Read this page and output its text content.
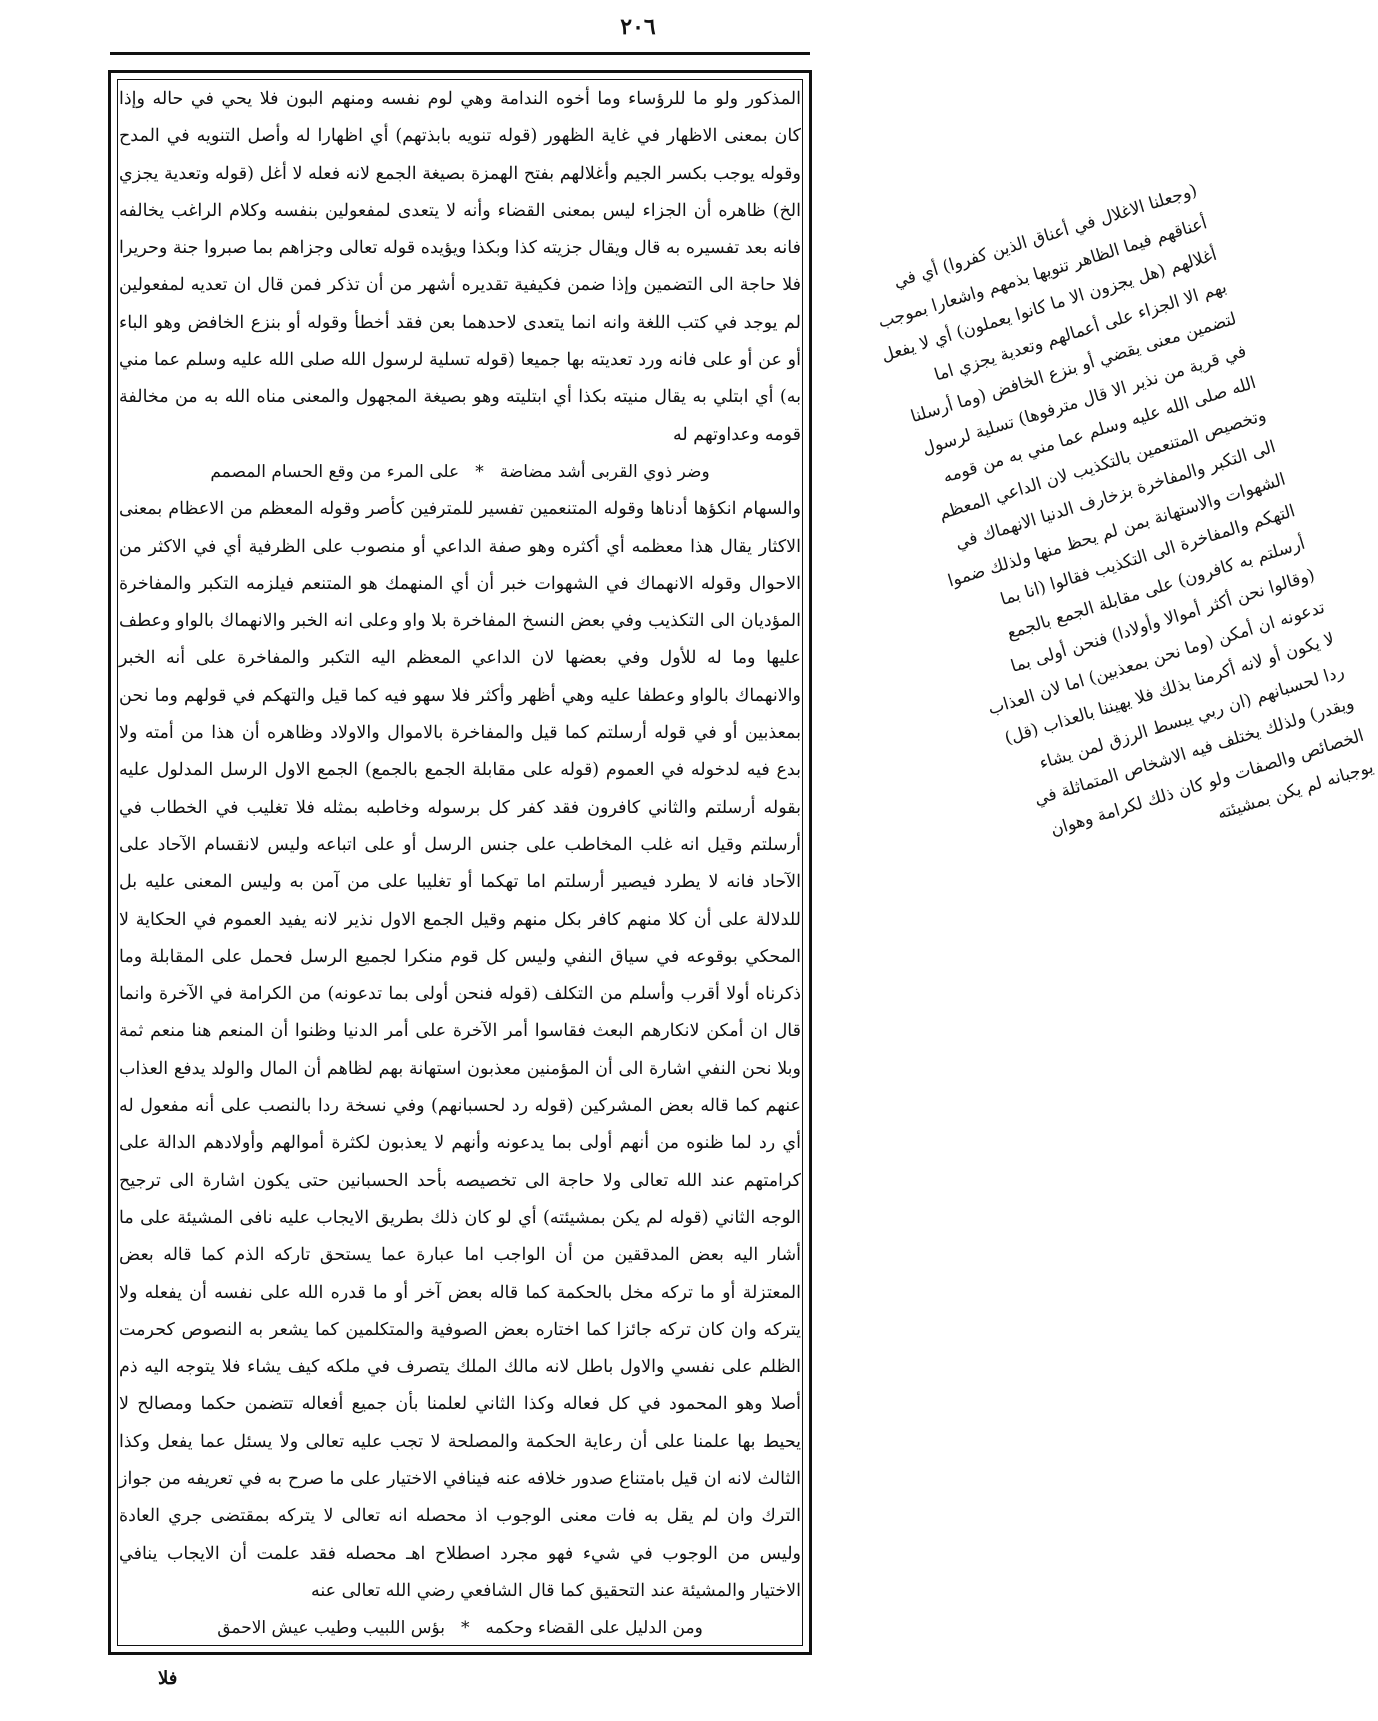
٢٠٦

المذكور ولو ما للرؤساء وما أخوه الندامة وهي لوم نفسه ومنهم البون فلا يحي في حاله وإذا كان بمعنى الاظهار في غاية الظهور (قوله تنويه بابذتهم) أي اظهارا له وأصل التنويه في المدح وقوله يوجب بكسر الجيم وأغلالهم بفتح الهمزة بصيغة الجمع لانه فعله لا أغل (قوله وتعدية يجزي الخ) ظاهره أن الجزاء ليس بمعنى القضاء وأنه لا يتعدى لمفعولين بنفسه وكلام الراغب يخالفه فانه بعد تفسيره به قال ويقال جزيته كذا وبكذا ويؤيده قوله تعالى وجزاهم بما صبروا جنة وحريرا فلا حاجة الى التضمين وإذا ضمن فكيفية تقديره أشهر من أن تذكر فمن قال ان تعديه لمفعولين لم يوجد في كتب اللغة وانه انما يتعدى لاحدهما بعن فقد أخطأ وقوله أو بنزع الخافض وهو الباء أو عن أو على فانه ورد تعديته بها جميعا (قوله تسلية لرسول الله صلى الله عليه وسلم عما مني به) أي ابتلي به يقال منيته بكذا أي ابتليته وهو بصيغة المجهول والمعنى مناه الله به من مخالفة قومه وعداوتهم له

وضر ذوي القربى أشد مضاضة*على المرء من وقع الحسام المصمم

والسهام انكؤها أدناها وقوله المتنعمين تفسير للمترفين كأصر وقوله المعظم من الاعظام بمعنى الاكثار يقال هذا معظمه أي أكثره وهو صفة الداعي أو منصوب على الظرفية أي في الاكثر من الاحوال وقوله الانهماك في الشهوات خبر أن أي المنهمك هو المتنعم فيلزمه التكبر والمفاخرة المؤديان الى التكذيب وفي بعض النسخ المفاخرة بلا واو وعلى انه الخبر والانهماك بالواو وعطف عليها وما له للأول وفي بعضها لان الداعي المعظم اليه التكبر والمفاخرة على أنه الخبر والانهماك بالواو وعطفا عليه وهي أظهر وأكثر فلا سهو فيه كما قيل والتهكم في قولهم وما نحن بمعذبين أو في قوله أرسلتم كما قيل والمفاخرة بالاموال والاولاد وظاهره أن هذا من أمته ولا بدع فيه لدخوله في العموم (قوله على مقابلة الجمع بالجمع) الجمع الاول الرسل المدلول عليه بقوله أرسلتم والثاني كافرون فقد كفر كل برسوله وخاطبه بمثله فلا تغليب في الخطاب في أرسلتم وقيل انه غلب المخاطب على جنس الرسل أو على اتباعه وليس لانقسام الآحاد على الآحاد فانه لا يطرد فيصير أرسلتم اما تهكما أو تغليبا على من آمن به وليس المعنى عليه بل للدلالة على أن كلا منهم كافر بكل منهم وقيل الجمع الاول نذير لانه يفيد العموم في الحكاية لا المحكي بوقوعه في سياق النفي وليس كل قوم منكرا لجميع الرسل فحمل على المقابلة وما ذكرناه أولا أقرب وأسلم من التكلف (قوله فنحن أولى بما تدعونه) من الكرامة في الآخرة وانما قال ان أمكن لانكارهم البعث فقاسوا أمر الآخرة على أمر الدنيا وظنوا أن المنعم هنا منعم ثمة وبلا نحن النفي اشارة الى أن المؤمنين معذبون استهانة بهم لظاهم أن المال والولد يدفع العذاب عنهم كما قاله بعض المشركين (قوله رد لحسبانهم) وفي نسخة ردا بالنصب على أنه مفعول له أي رد لما ظنوه من أنهم أولى بما يدعونه وأنهم لا يعذبون لكثرة أموالهم وأولادهم الدالة على كرامتهم عند الله تعالى ولا حاجة الى تخصيصه بأحد الحسبانين حتى يكون اشارة الى ترجيح الوجه الثاني (قوله لم يكن بمشيئته) أي لو كان ذلك بطريق الايجاب عليه نافى المشيئة على ما أشار اليه بعض المدققين من أن الواجب اما عبارة عما يستحق تاركه الذم كما قاله بعض المعتزلة أو ما تركه مخل بالحكمة كما قاله بعض آخر أو ما قدره الله على نفسه أن يفعله ولا يتركه وان كان تركه جائزا كما اختاره بعض الصوفية والمتكلمين كما يشعر به النصوص كحرمت الظلم على نفسي والاول باطل لانه مالك الملك يتصرف في ملكه كيف يشاء فلا يتوجه اليه ذم أصلا وهو المحمود في كل فعاله وكذا الثاني لعلمنا بأن جميع أفعاله تتضمن حكما ومصالح لا يحيط بها علمنا على أن رعاية الحكمة والمصلحة لا تجب عليه تعالى ولا يسئل عما يفعل وكذا الثالث لانه ان قيل بامتناع صدور خلافه عنه فينافي الاختيار على ما صرح به في تعريفه من جواز الترك وان لم يقل به فات معنى الوجوب اذ محصله انه تعالى لا يتركه بمقتضى جري العادة وليس من الوجوب في شيء فهو مجرد اصطلاح اهـ محصله فقد علمت أن الايجاب ينافي الاختيار والمشيئة عند التحقيق كما قال الشافعي رضي الله تعالى عنه

ومن الدليل على القضاء وحكمه*بؤس اللبيب وطيب عيش الاحمق

(وجعلنا الاغلال في أعناق الذين كفروا) أي في أعناقهم فيما الظاهر تنويها بذمهم واشعارا بموجب أغلالهم (هل يجزون الا ما كانوا يعملون) أي لا يفعل بهم الا الجزاء على أعمالهم وتعدية يجزي اما لتضمين معنى يقضي أو بنزع الخافض (وما أرسلنا في قرية من نذير الا قال مترفوها) تسلية لرسول الله صلى الله عليه وسلم عما مني به من قومه وتخصيص المتنعمين بالتكذيب لان الداعي المعظم الى التكبر والمفاخرة بزخارف الدنيا الانهماك في الشهوات والاستهانة بمن لم يحظ منها ولذلك ضموا التهكم والمفاخرة الى التكذيب فقالوا (انا بما أرسلتم به كافرون) على مقابلة الجمع بالجمع (وقالوا نحن أكثر أموالا وأولادا) فنحن أولى بما تدعونه ان أمكن (وما نحن بمعذبين) اما لان العذاب لا يكون أو لانه أكرمنا بذلك فلا يهيننا بالعذاب (قل) ردا لحسبانهم (ان ربي يبسط الرزق لمن يشاء ويقدر) ولذلك يختلف فيه الاشخاص المتماثلة في الخصائص والصفات ولو كان ذلك لكرامة وهوان يوجبانه لم يكن بمشيئته
فلا
